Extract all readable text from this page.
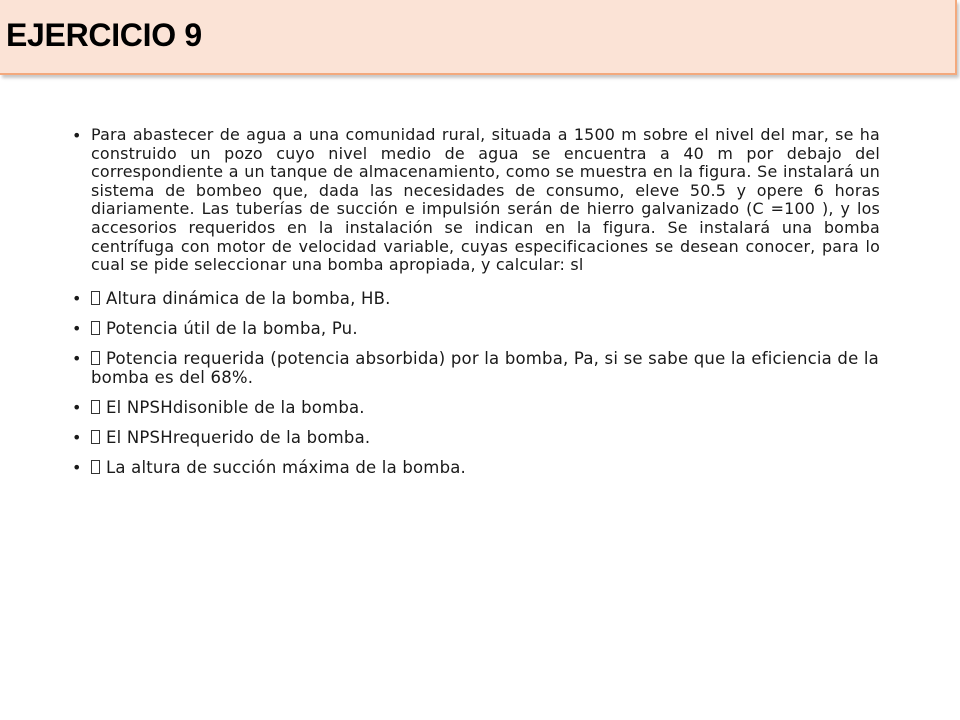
EJERCICIO 9
• Para abastecer de agua a una comunidad rural, situada a 1500 m sobre el nivel del mar, se ha construido un pozo cuyo nivel medio de agua se encuentra a 40 m por debajo del correspondiente a un tanque de almacenamiento, como se muestra en la figura. Se instalará un sistema de bombeo que, dada las necesidades de consumo, eleve 50.5 y opere 6 horas diariamente. Las tuberías de succión e impulsión serán de hierro galvanizado (C =100 ), y los accesorios requeridos en la instalación se indican en la figura. Se instalará una bomba centrífuga con motor de velocidad variable, cuyas especificaciones se desean conocer, para lo cual se pide seleccionar una bomba apropiada, y calcular: sl
• Altura dinámica de la bomba, HB.
• Potencia útil de la bomba, Pu.
• Potencia requerida (potencia absorbida) por la bomba, Pa, si se sabe que la eficiencia de la bomba es del 68%.
• El NPSHdisonible de la bomba.
• El NPSHrequerido de la bomba.
• La altura de succión máxima de la bomba.
